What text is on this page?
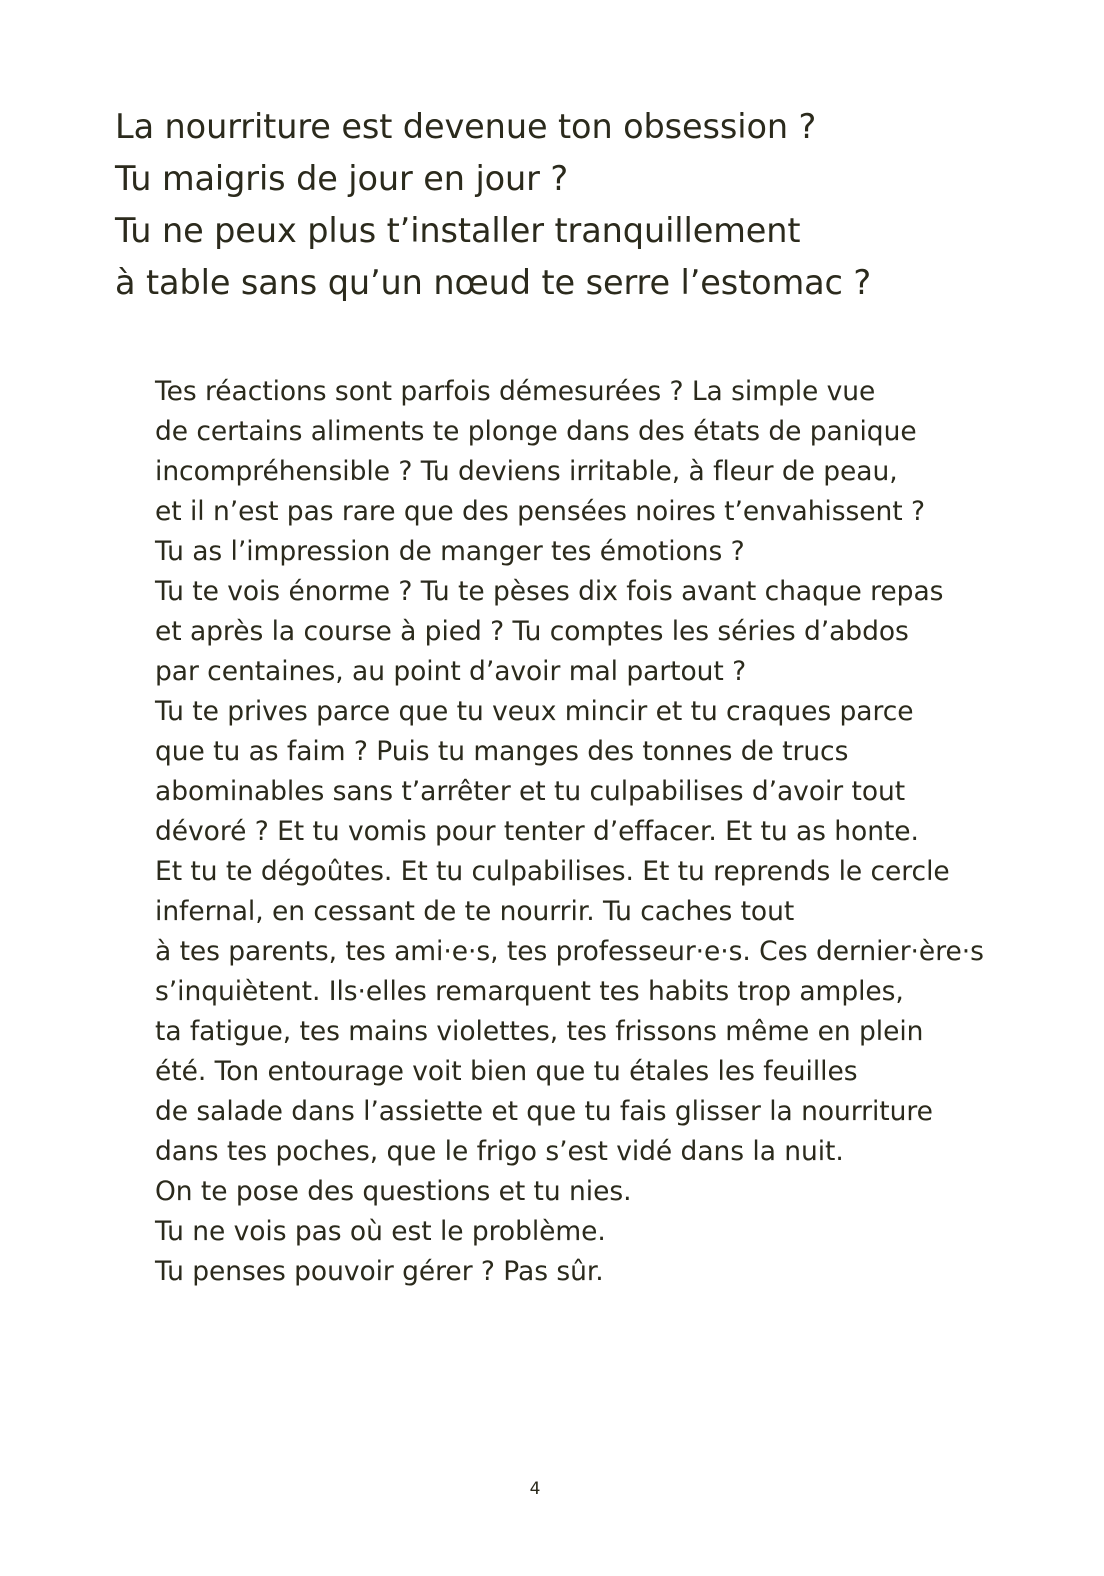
La nourriture est devenue ton obsession ?
Tu maigris de jour en jour ?
Tu ne peux plus t’installer tranquillement
à table sans qu’un nœud te serre l’estomac ?
Tes réactions sont parfois démesurées ? La simple vue
de certains aliments te plonge dans des états de panique
incompréhensible ? Tu deviens irritable, à fleur de peau,
et il n’est pas rare que des pensées noires t’envahissent ?
Tu as l’impression de manger tes émotions ?
Tu te vois énorme ? Tu te pèses dix fois avant chaque repas
et après la course à pied ? Tu comptes les séries d’abdos
par centaines, au point d’avoir mal partout ?
Tu te prives parce que tu veux mincir et tu craques parce
que tu as faim ? Puis tu manges des tonnes de trucs
abominables sans t’arrêter et tu culpabilises d’avoir tout
dévoré ? Et tu vomis pour tenter d’effacer. Et tu as honte.
Et tu te dégoûtes. Et tu culpabilises. Et tu reprends le cercle
infernal, en cessant de te nourrir. Tu caches tout
à tes parents, tes ami·e·s, tes professeur·e·s. Ces dernier·ère·s
s’inquiètent. Ils·elles remarquent tes habits trop amples,
ta fatigue, tes mains violettes, tes frissons même en plein
été. Ton entourage voit bien que tu étales les feuilles
de salade dans l’assiette et que tu fais glisser la nourriture
dans tes poches, que le frigo s’est vidé dans la nuit.
On te pose des questions et tu nies.
Tu ne vois pas où est le problème.
Tu penses pouvoir gérer ? Pas sûr.
4
